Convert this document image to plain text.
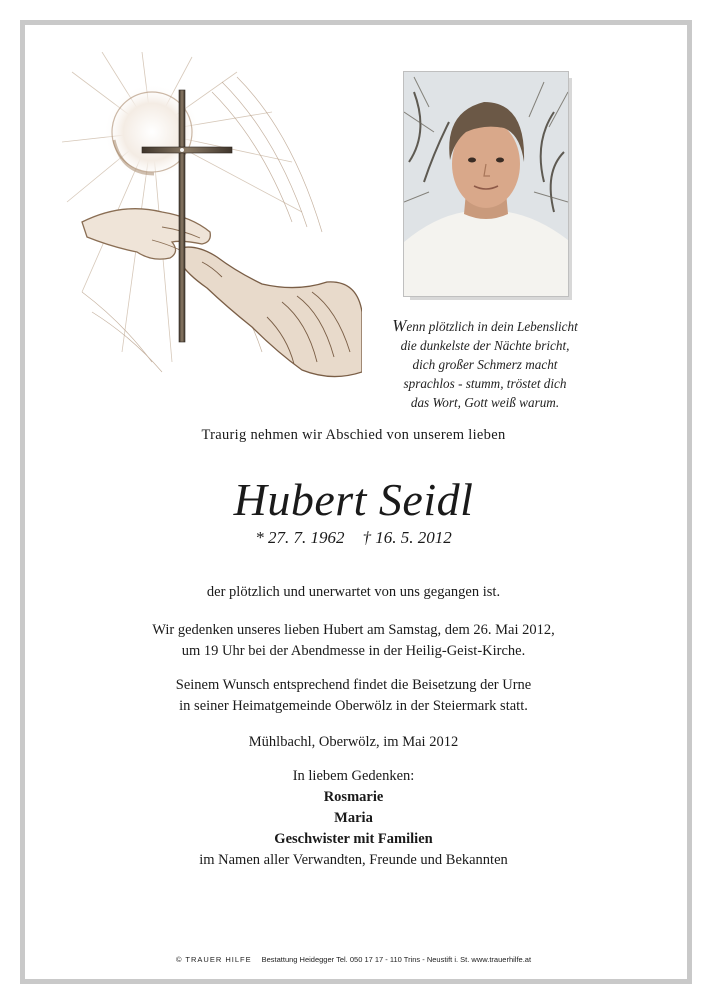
Wenn plötzlich in dein Lebenslicht
die dunkelste der Nächte bricht,
dich großer Schmerz macht
sprachlos - stumm, tröstet dich
das Wort, Gott weiß warum.
Traurig nehmen wir Abschied von unserem lieben
Hubert Seidl
* 27. 7. 1962 † 16. 5. 2012
der plötzlich und unerwartet von uns gegangen ist.
Wir gedenken unseres lieben Hubert am Samstag, dem 26. Mai 2012,
um 19 Uhr bei der Abendmesse in der Heilig-Geist-Kirche.
Seinem Wunsch entsprechend findet die Beisetzung der Urne
in seiner Heimatgemeinde Oberwölz in der Steiermark statt.
Mühlbachl, Oberwölz, im Mai 2012
In liebem Gedenken:
Rosmarie
Maria
Geschwister mit Familien
im Namen aller Verwandten, Freunde und Bekannten
© TRAUER HILFE Bestattung Heidegger Tel. 050 17 17 - 110 Trins - Neustift i. St. www.trauerhilfe.at
